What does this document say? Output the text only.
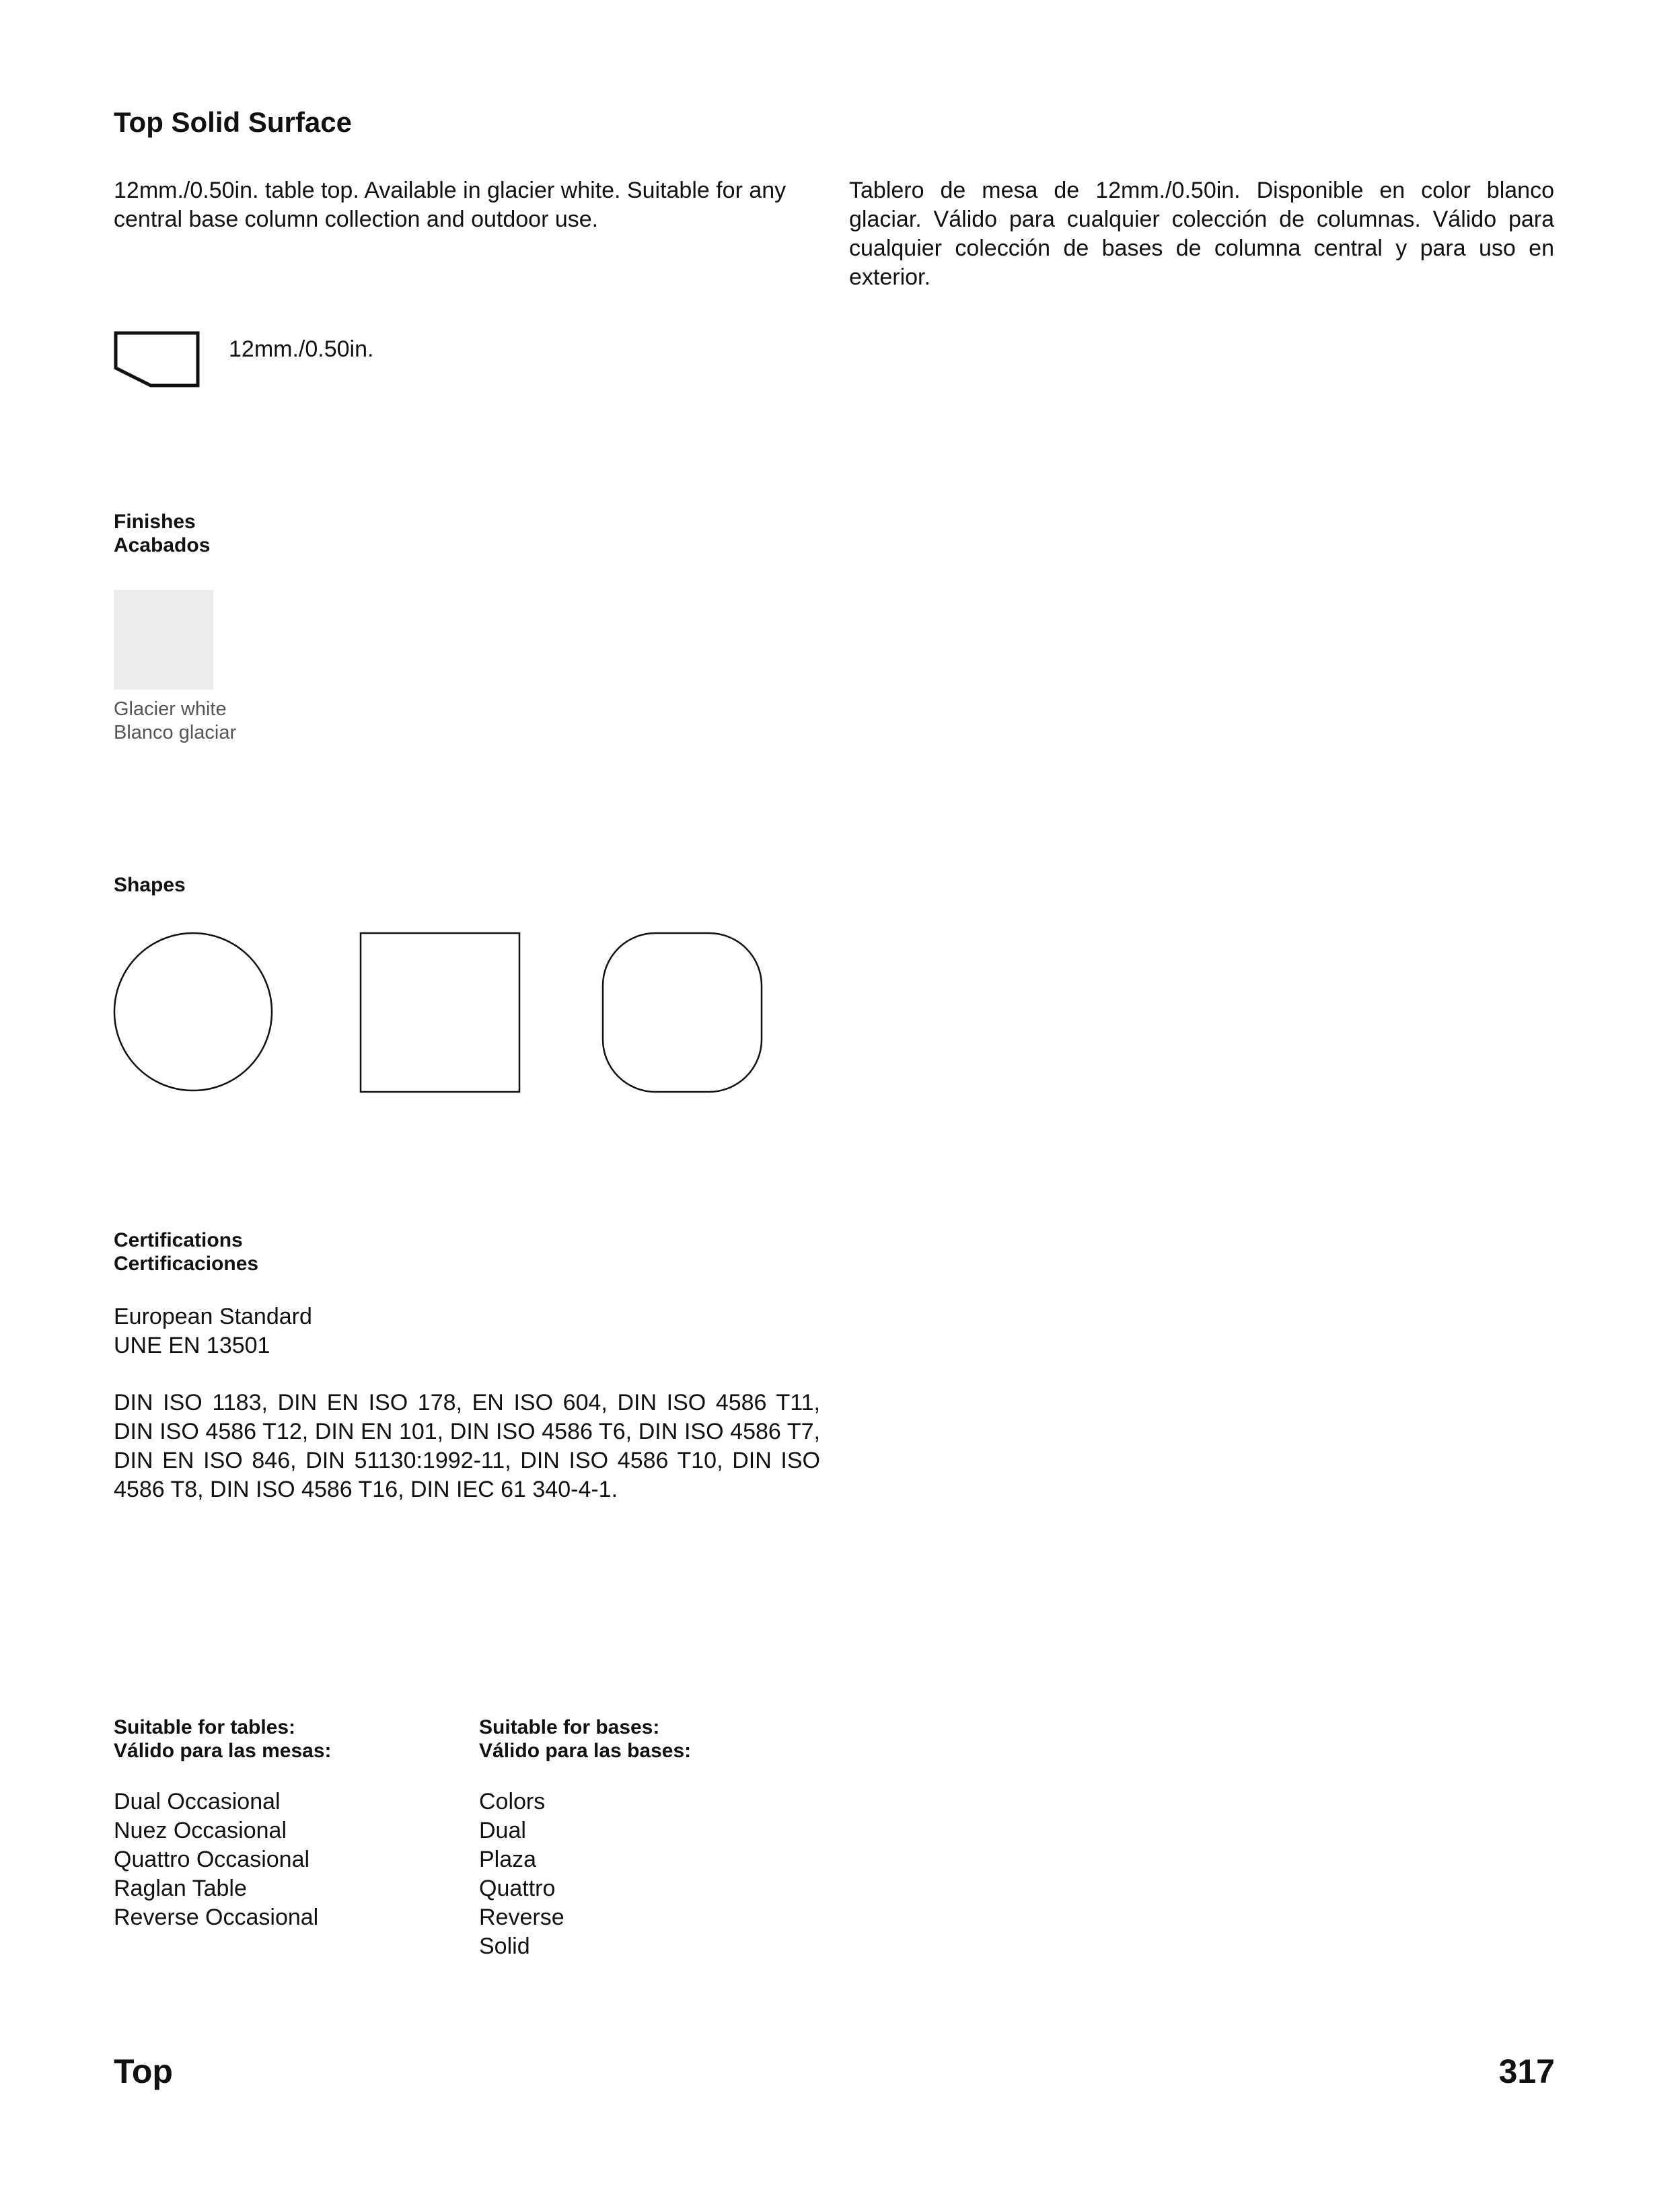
Top Solid Surface
12mm./0.50in. table top. Available in glacier white. Suitable for any central base column collection and outdoor use.
Tablero de mesa de 12mm./0.50in. Disponible en color blanco glaciar. Válido para cualquier colección de columnas. Válido para cualquier colección de bases de columna central y para uso en exterior.
12mm./0.50in.
Finishes
Acabados
Glacier white
Blanco glaciar
Shapes
Certifications
Certificaciones
European Standard
UNE EN 13501
DIN ISO 1183, DIN EN ISO 178, EN ISO 604, DIN ISO 4586 T11, DIN ISO 4586 T12, DIN EN 101, DIN ISO 4586 T6, DIN ISO 4586 T7, DIN EN ISO 846, DIN 51130:1992-11, DIN ISO 4586 T10, DIN ISO 4586 T8, DIN ISO 4586 T16, DIN IEC 61 340-4-1.
Suitable for tables:
Válido para las mesas:
Suitable for bases:
Válido para las bases:
Dual Occasional
Nuez Occasional
Quattro Occasional
Raglan Table
Reverse Occasional
Colors
Dual
Plaza
Quattro
Reverse
Solid
Top	317
